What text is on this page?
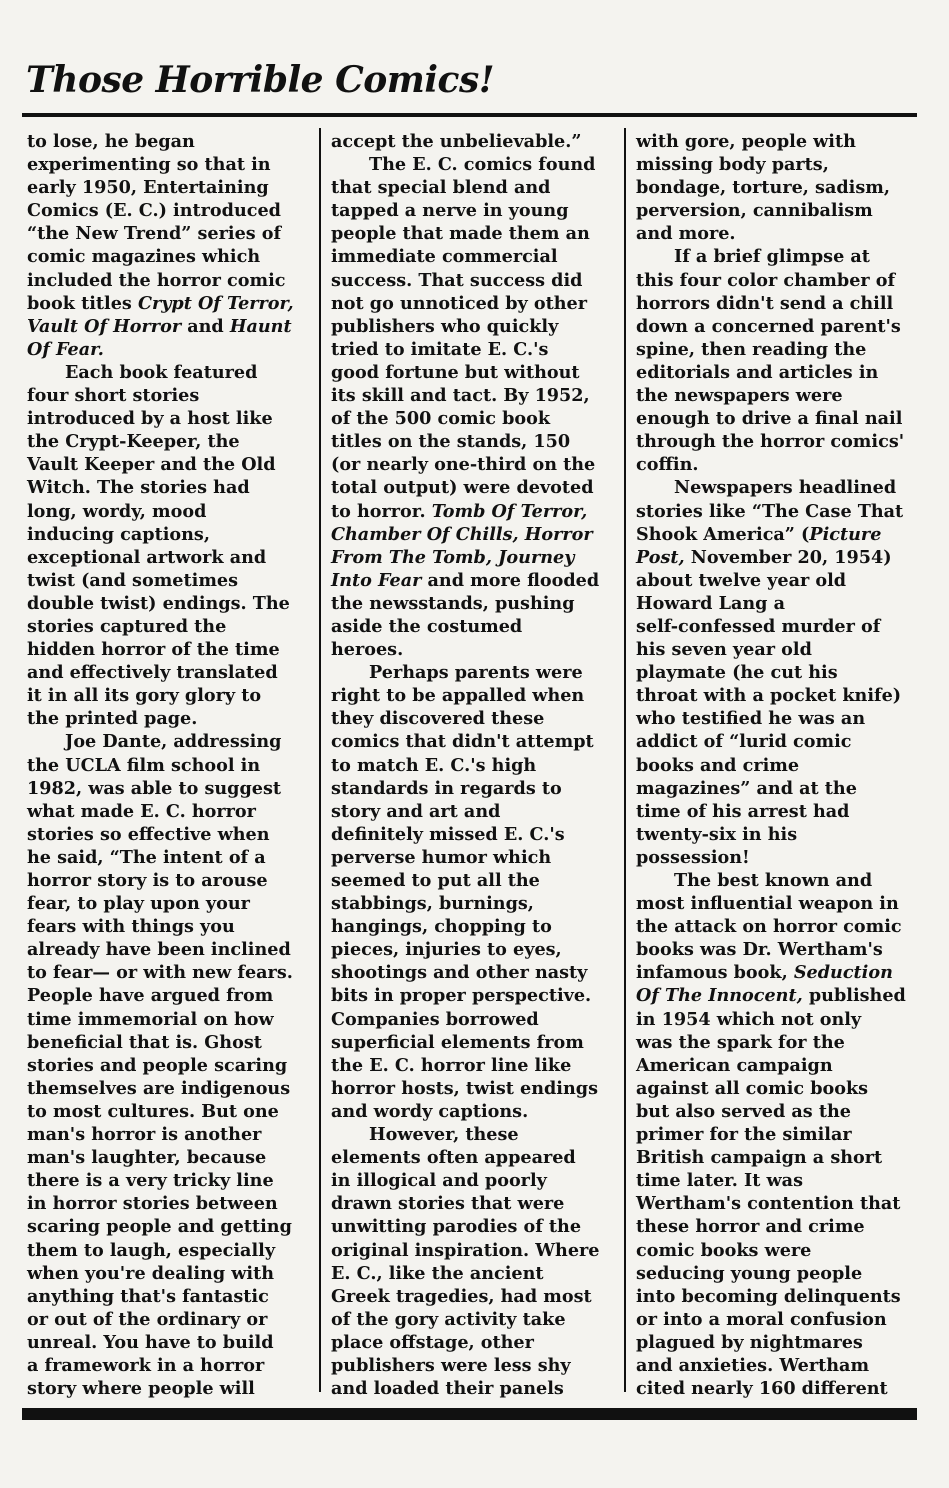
Those Horrible Comics!
to lose, he began
experimenting so that in
early 1950, Entertaining
Comics (E. C.) introduced
“the New Trend” series of
comic magazines which
included the horror comic
book titles Crypt Of Terror,
Vault Of Horror and Haunt
Of Fear.
Each book featured
four short stories
introduced by a host like
the Crypt-Keeper, the
Vault Keeper and the Old
Witch. The stories had
long, wordy, mood
inducing captions,
exceptional artwork and
twist (and sometimes
double twist) endings. The
stories captured the
hidden horror of the time
and effectively translated
it in all its gory glory to
the printed page.
Joe Dante, addressing
the UCLA film school in
1982, was able to suggest
what made E. C. horror
stories so effective when
he said, “The intent of a
horror story is to arouse
fear, to play upon your
fears with things you
already have been inclined
to fear— or with new fears.
People have argued from
time immemorial on how
beneficial that is. Ghost
stories and people scaring
themselves are indigenous
to most cultures. But one
man's horror is another
man's laughter, because
there is a very tricky line
in horror stories between
scaring people and getting
them to laugh, especially
when you're dealing with
anything that's fantastic
or out of the ordinary or
unreal. You have to build
a framework in a horror
story where people will
accept the unbelievable.”
The E. C. comics found
that special blend and
tapped a nerve in young
people that made them an
immediate commercial
success. That success did
not go unnoticed by other
publishers who quickly
tried to imitate E. C.'s
good fortune but without
its skill and tact. By 1952,
of the 500 comic book
titles on the stands, 150
(or nearly one-third on the
total output) were devoted
to horror. Tomb Of Terror,
Chamber Of Chills, Horror
From The Tomb, Journey
Into Fear and more flooded
the newsstands, pushing
aside the costumed
heroes.
Perhaps parents were
right to be appalled when
they discovered these
comics that didn't attempt
to match E. C.'s high
standards in regards to
story and art and
definitely missed E. C.'s
perverse humor which
seemed to put all the
stabbings, burnings,
hangings, chopping to
pieces, injuries to eyes,
shootings and other nasty
bits in proper perspective.
Companies borrowed
superficial elements from
the E. C. horror line like
horror hosts, twist endings
and wordy captions.
However, these
elements often appeared
in illogical and poorly
drawn stories that were
unwitting parodies of the
original inspiration. Where
E. C., like the ancient
Greek tragedies, had most
of the gory activity take
place offstage, other
publishers were less shy
and loaded their panels
with gore, people with
missing body parts,
bondage, torture, sadism,
perversion, cannibalism
and more.
If a brief glimpse at
this four color chamber of
horrors didn't send a chill
down a concerned parent's
spine, then reading the
editorials and articles in
the newspapers were
enough to drive a final nail
through the horror comics'
coffin.
Newspapers headlined
stories like “The Case That
Shook America” (Picture
Post, November 20, 1954)
about twelve year old
Howard Lang a
self-confessed murder of
his seven year old
playmate (he cut his
throat with a pocket knife)
who testified he was an
addict of “lurid comic
books and crime
magazines” and at the
time of his arrest had
twenty-six in his
possession!
The best known and
most influential weapon in
the attack on horror comic
books was Dr. Wertham's
infamous book, Seduction
Of The Innocent, published
in 1954 which not only
was the spark for the
American campaign
against all comic books
but also served as the
primer for the similar
British campaign a short
time later. It was
Wertham's contention that
these horror and crime
comic books were
seducing young people
into becoming delinquents
or into a moral confusion
plagued by nightmares
and anxieties. Wertham
cited nearly 160 different
